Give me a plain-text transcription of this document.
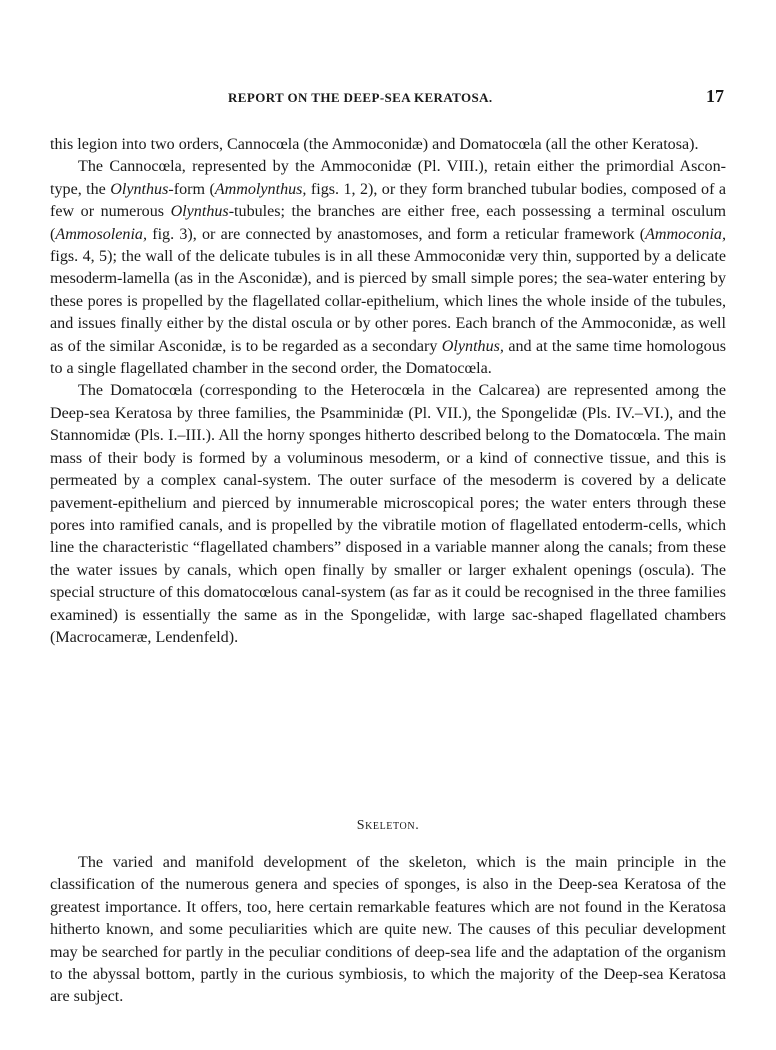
REPORT ON THE DEEP-SEA KERATOSA.	17

this legion into two orders, Cannocœla (the Ammoconidæ) and Domatocœla (all the other Keratosa).

The Cannocœla, represented by the Ammoconidæ (Pl. VIII.), retain either the primordial Ascon-type, the Olynthus-form (Ammolynthus, figs. 1, 2), or they form branched tubular bodies, composed of a few or numerous Olynthus-tubules; the branches are either free, each possessing a terminal osculum (Ammosolenia, fig. 3), or are connected by anastomoses, and form a reticular framework (Ammoconia, figs. 4, 5); the wall of the delicate tubules is in all these Ammoconidæ very thin, supported by a delicate mesoderm-lamella (as in the Asconidæ), and is pierced by small simple pores; the sea-water entering by these pores is propelled by the flagellated collar-epithelium, which lines the whole inside of the tubules, and issues finally either by the distal oscula or by other pores. Each branch of the Ammoconidæ, as well as of the similar Asconidæ, is to be regarded as a secondary Olynthus, and at the same time homologous to a single flagellated chamber in the second order, the Domatocœla.

The Domatocœla (corresponding to the Heterocœla in the Calcarea) are represented among the Deep-sea Keratosa by three families, the Psamminidæ (Pl. VII.), the Spongelidæ (Pls. IV.–VI.), and the Stannomidæ (Pls. I.–III.). All the horny sponges hitherto described belong to the Domatocœla. The main mass of their body is formed by a voluminous mesoderm, or a kind of connective tissue, and this is permeated by a complex canal-system. The outer surface of the mesoderm is covered by a delicate pavement-epithelium and pierced by innumerable microscopical pores; the water enters through these pores into ramified canals, and is propelled by the vibratile motion of flagellated entoderm-cells, which line the characteristic “flagellated chambers” disposed in a variable manner along the canals; from these the water issues by canals, which open finally by smaller or larger exhalent openings (oscula). The special structure of this domatocœlous canal-system (as far as it could be recognised in the three families examined) is essentially the same as in the Spongelidæ, with large sac-shaped flagellated chambers (Macrocameræ, Lendenfeld).

Skeleton.

The varied and manifold development of the skeleton, which is the main principle in the classification of the numerous genera and species of sponges, is also in the Deep-sea Keratosa of the greatest importance. It offers, too, here certain remarkable features which are not found in the Keratosa hitherto known, and some peculiarities which are quite new. The causes of this peculiar development may be searched for partly in the peculiar conditions of deep-sea life and the adaptation of the organism to the abyssal bottom, partly in the curious symbiosis, to which the majority of the Deep-sea Keratosa are subject.
